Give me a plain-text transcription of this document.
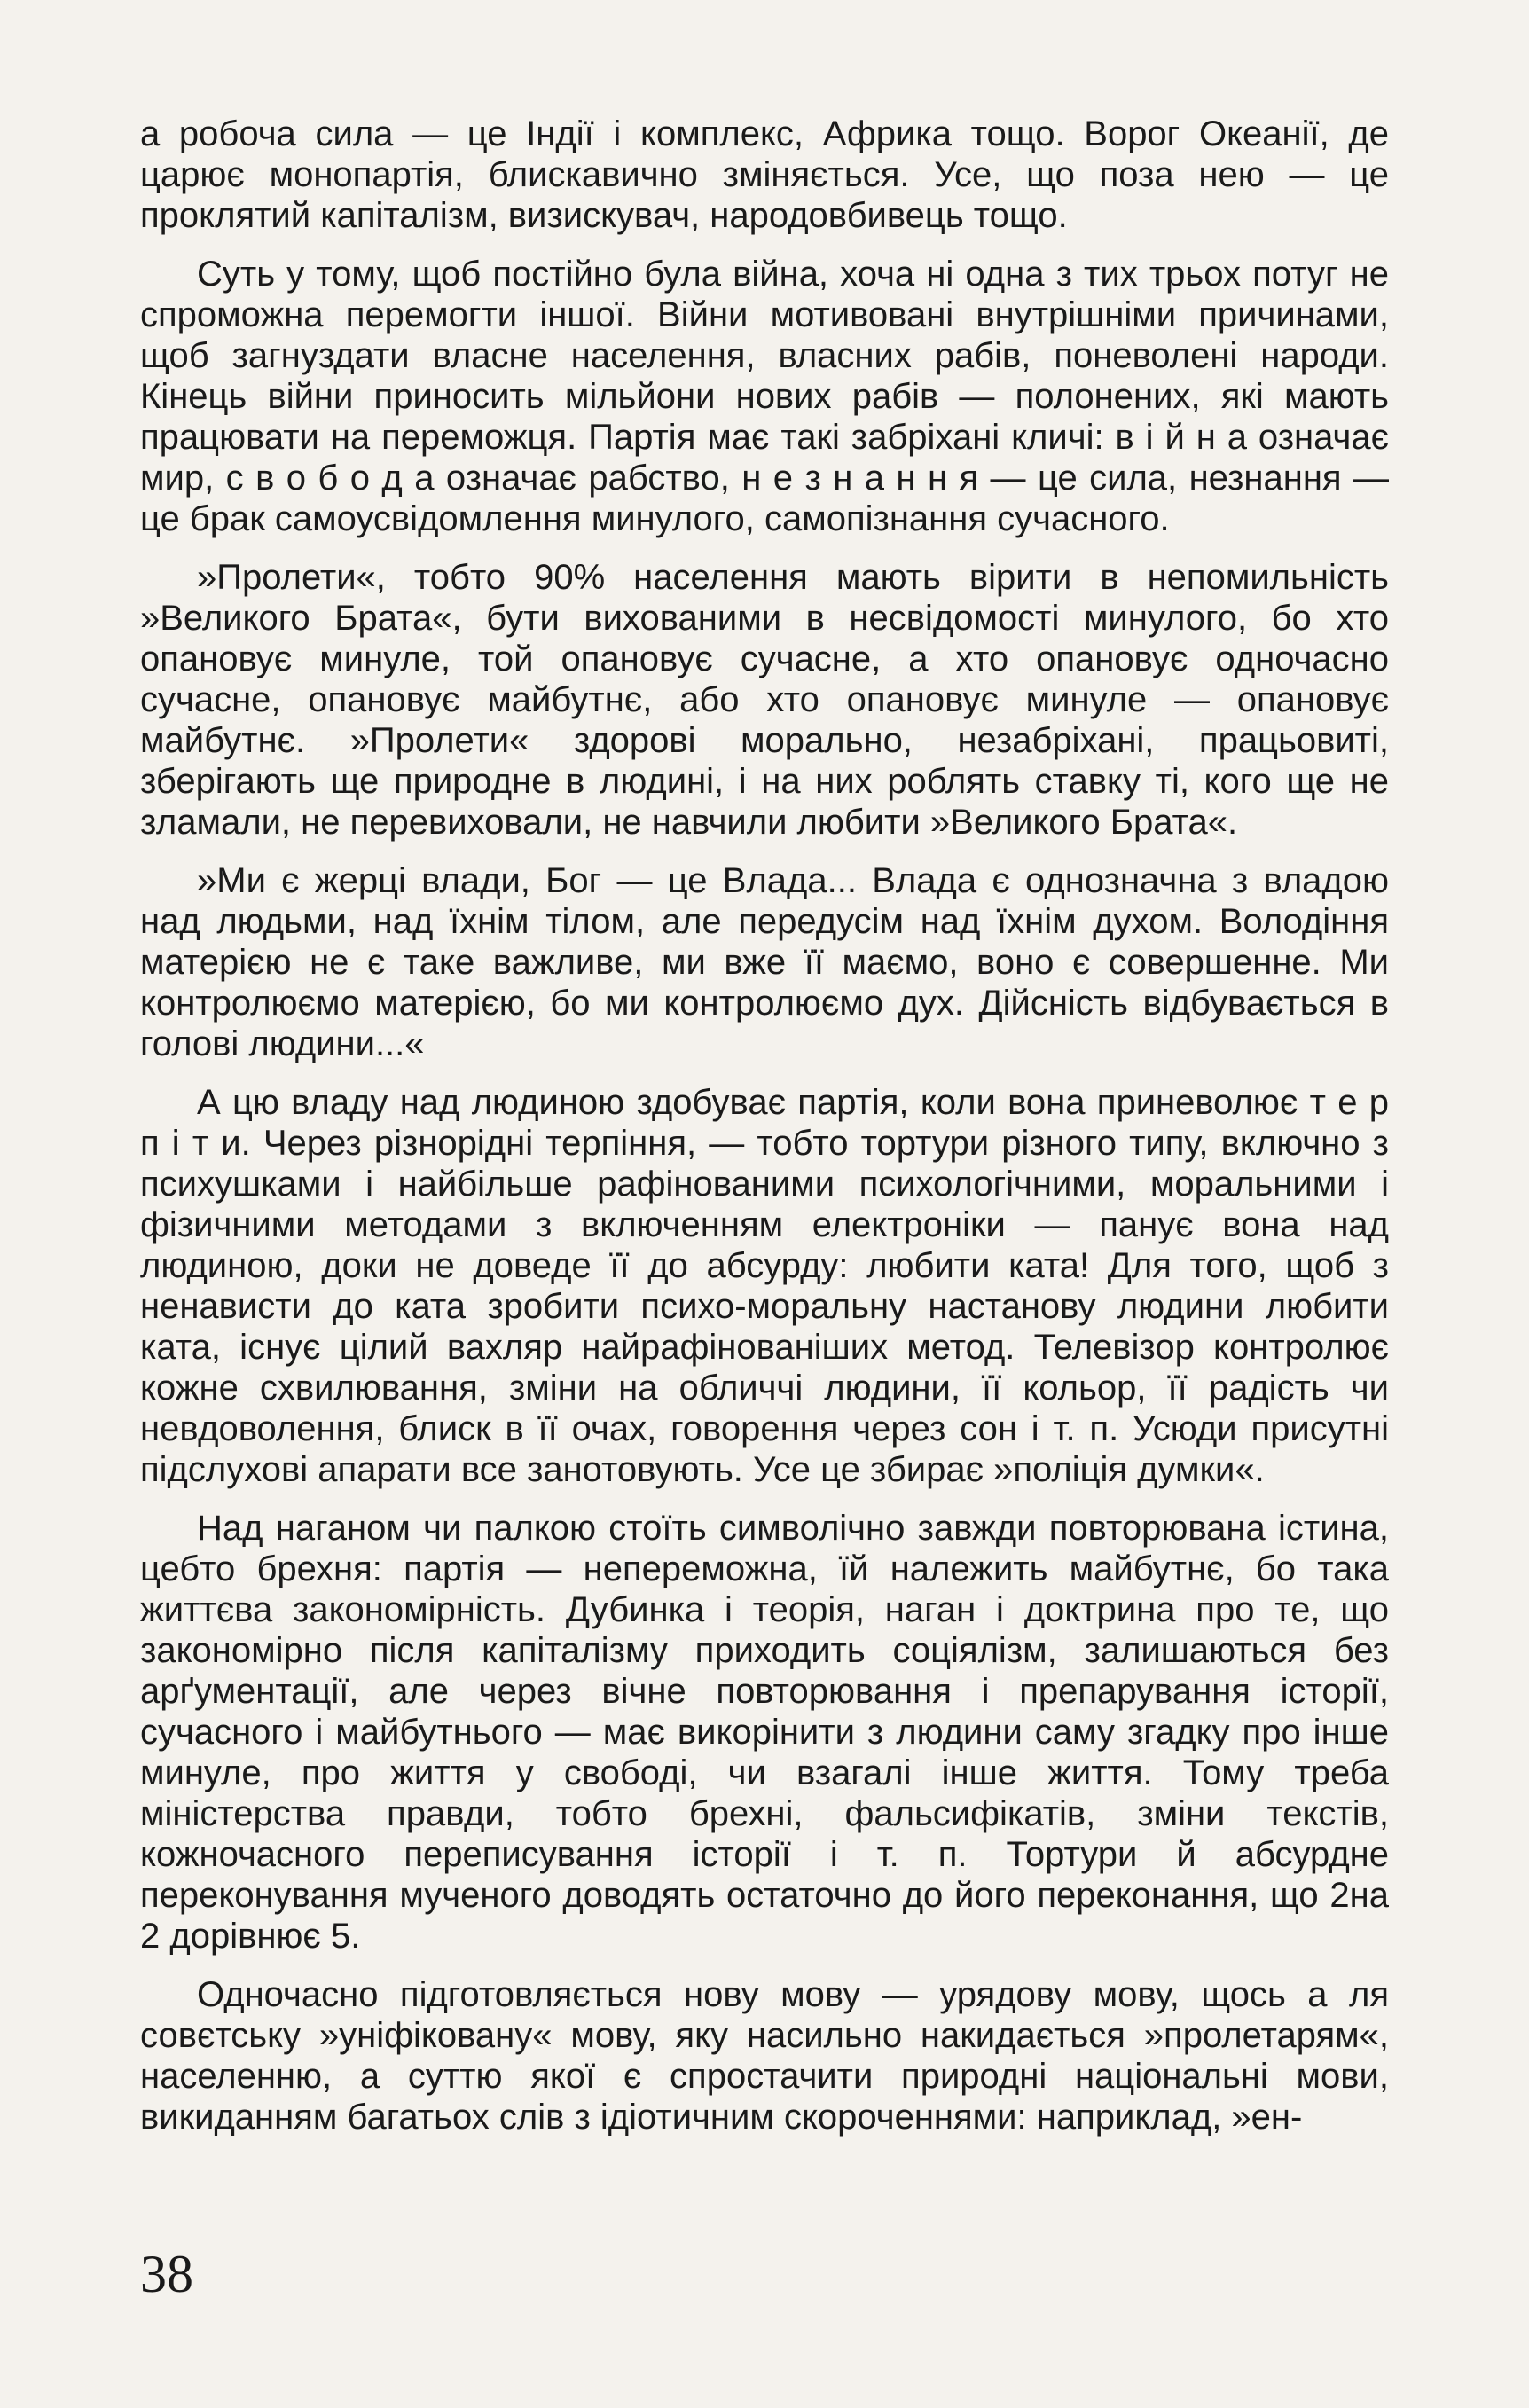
а робоча сила — це Індії і комплекс, Африка тощо. Ворог Океанії, де царює монопартія, блискавично зміняється. Усе, що поза нею — це проклятий капіталізм, визискувач, народовбивець тощо.

Суть у тому, щоб постійно була війна, хоча ні одна з тих трьох потуг не спроможна перемогти іншої. Війни мотивовані внутрішніми причинами, щоб загнуздати власне населення, власних рабів, поневолені народи. Кінець війни приносить мільйони нових рабів — полонених, які мають працювати на переможця. Партія має такі забріхані кличі: в і й н а означає мир, с в о б о д а означає рабство, н е з н а н н я — це сила, незнання — це брак самоусвідомлення минулого, самопізнання сучасного.

»Пролети«, тобто 90% населення мають вірити в непомильність »Великого Брата«, бути вихованими в несвідомості минулого, бо хто опановує минуле, той опановує сучасне, а хто опановує одночасно сучасне, опановує майбутнє, або хто опановує минуле — опановує майбутнє. »Пролети« здорові морально, незабріхані, працьовиті, зберігають ще природне в людині, і на них роблять ставку ті, кого ще не зламали, не перевиховали, не навчили любити »Великого Брата«.

»Ми є жерці влади, Бог — це Влада... Влада є однозначна з владою над людьми, над їхнім тілом, але передусім над їхнім духом. Володіння матерією не є таке важливе, ми вже її маємо, воно є совершенне. Ми контролюємо матерією, бо ми контролюємо дух. Дійсність відбувається в голові людини...«

А цю владу над людиною здобуває партія, коли вона приневолює т е р п і т и. Через різнорідні терпіння, — тобто тортури різного типу, включно з психушками і найбільше рафінованими психологічними, моральними і фізичними методами з включенням електроніки — панує вона над людиною, доки не доведе її до абсурду: любити ката! Для того, щоб з ненависти до ката зробити психо-моральну настанову людини любити ката, існує цілий вахляр найрафінованіших метод. Телевізор контролює кожне схвилювання, зміни на обличчі людини, її кольор, її радість чи невдоволення, блиск в її очах, говорення через сон і т. п. Усюди присутні підслухові апарати все занотовують. Усе це збирає »поліція думки«.

Над наганом чи палкою стоїть символічно завжди повторювана істина, цебто брехня: партія — непереможна, їй належить майбутнє, бо така життєва закономірність. Дубинка і теорія, наган і доктрина про те, що закономірно після капіталізму приходить соціялізм, залишаються без арґументації, але через вічне повторювання і препарування історії, сучасного і майбутнього — має викорінити з людини саму згадку про інше минуле, про життя у свободі, чи взагалі інше життя. Тому треба міністерства правди, тобто брехні, фальсифікатів, зміни текстів, кожночасного переписування історії і т. п. Тортури й абсурдне переконування мученого доводять остаточно до його переконання, що 2на 2 дорівнює 5.

Одночасно підготовляється нову мову — урядову мову, щось а ля совєтську »уніфіковану« мову, яку насильно накидається »пролетарям«, населенню, а суттю якої є спростачити природні національні мови, викиданням багатьох слів з ідіотичним скороченнями: наприклад, »ен-

38
